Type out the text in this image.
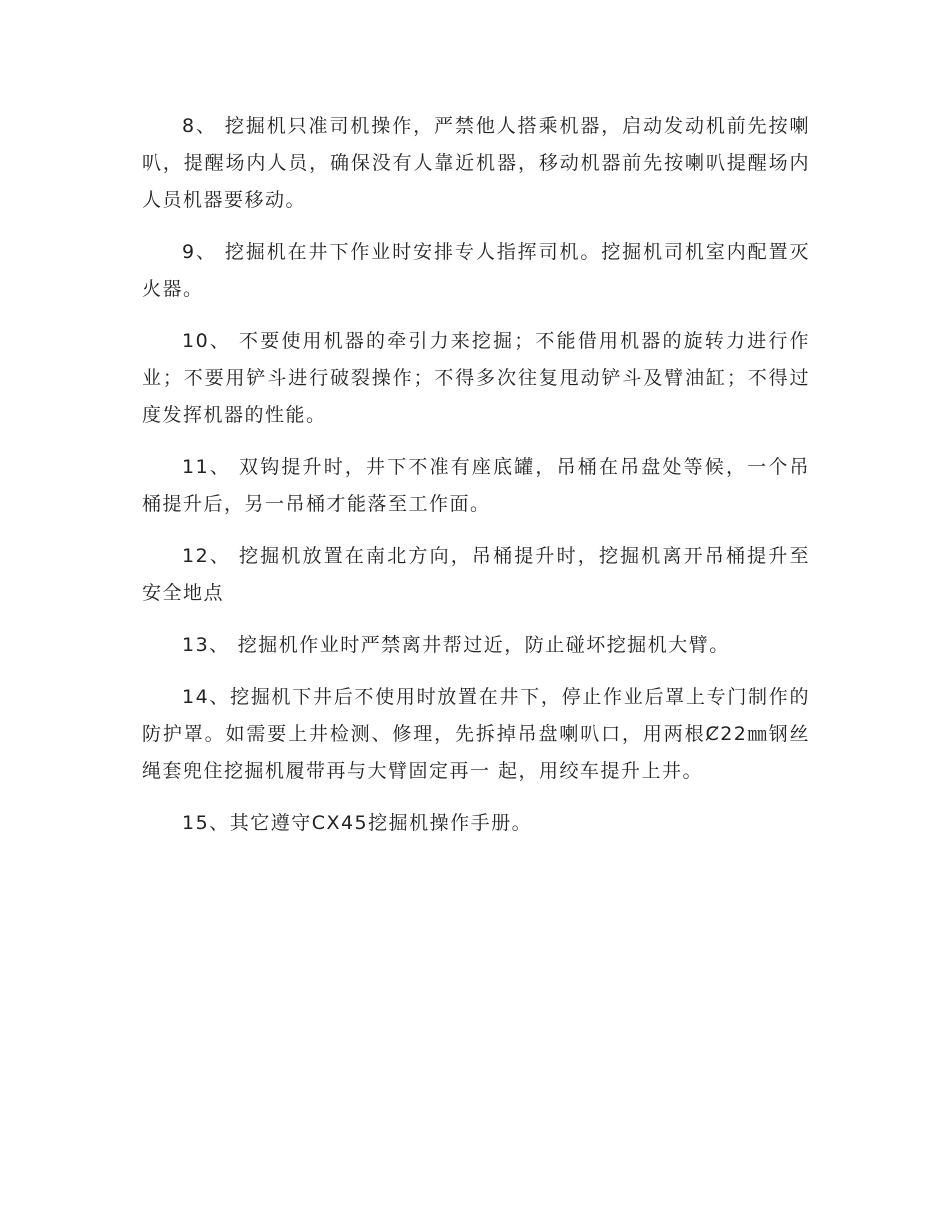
8、 挖掘机只准司机操作，严禁他人搭乘机器，启动发动机前先按喇叭，提醒场内人员，确保没有人靠近机器，移动机器前先按喇叭提醒场内人员机器要移动。

9、 挖掘机在井下作业时安排专人指挥司机。挖掘机司机室内配置灭火器。

10、 不要使用机器的牵引力来挖掘；不能借用机器的旋转力进行作业；不要用铲斗进行破裂操作；不得多次往复甩动铲斗及臂油缸；不得过度发挥机器的性能。

11、 双钩提升时，井下不准有座底罐，吊桶在吊盘处等候，一个吊桶提升后，另一吊桶才能落至工作面。

12、 挖掘机放置在南北方向，吊桶提升时，挖掘机离开吊桶提升至安全地点

13、 挖掘机作业时严禁离井帮过近，防止碰坏挖掘机大臂。

14、挖掘机下井后不使用时放置在井下，停止作业后罩上专门制作的防护罩。如需要上井检测、修理，先拆掉吊盘喇叭口，用两根Ȼ22㎜钢丝绳套兜住挖掘机履带再与大臂固定再一 起，用绞车提升上井。

15、其它遵守CX45挖掘机操作手册。
